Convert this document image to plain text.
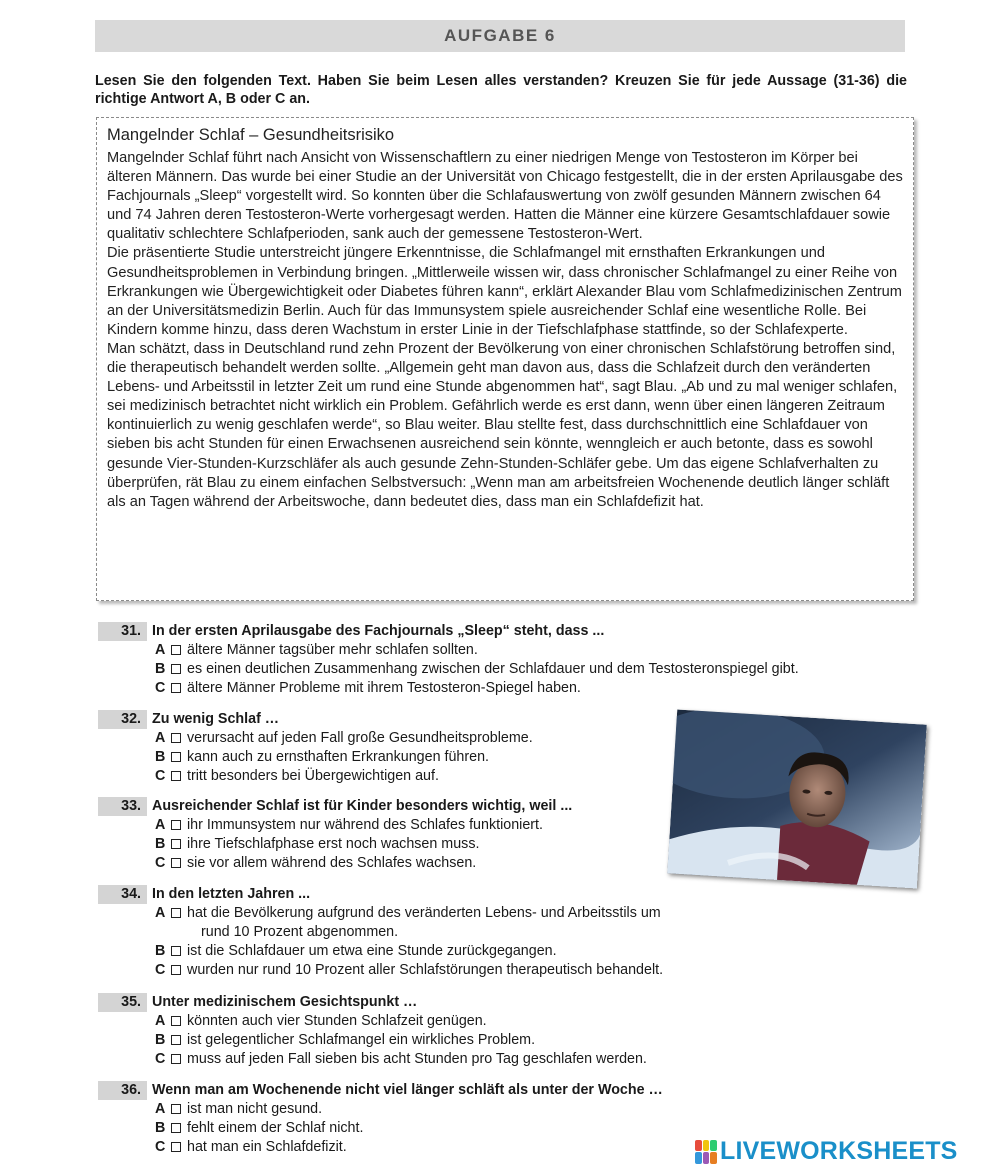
AUFGABE 6
Lesen Sie den folgenden Text. Haben Sie beim Lesen alles verstanden? Kreuzen Sie für jede Aussage (31-36) die richtige Antwort A, B oder C an.
Mangelnder Schlaf – Gesundheitsrisiko
Mangelnder Schlaf führt nach Ansicht von Wissenschaftlern zu einer niedrigen Menge von Testosteron im Körper bei älteren Männern. Das wurde bei einer Studie an der Universität von Chicago festgestellt, die in der ersten Aprilausgabe des Fachjournals „Sleep“ vorgestellt wird. So konnten über die Schlafauswertung von zwölf gesunden Männern zwischen 64 und 74 Jahren deren Testosteron-Werte vorhergesagt werden. Hatten die Männer eine kürzere Gesamtschlafdauer sowie qualitativ schlechtere Schlafperioden, sank auch der gemessene Testosteron-Wert.
Die präsentierte Studie unterstreicht jüngere Erkenntnisse, die Schlafmangel mit ernsthaften Erkrankungen und Gesundheitsproblemen in Verbindung bringen. „Mittlerweile wissen wir, dass chronischer Schlafmangel zu einer Reihe von Erkrankungen wie Übergewichtigkeit oder Diabetes führen kann“, erklärt Alexander Blau vom Schlafmedizinischen Zentrum an der Universitätsmedizin Berlin. Auch für das Immunsystem spiele ausreichender Schlaf eine wesentliche Rolle. Bei Kindern komme hinzu, dass deren Wachstum in erster Linie in der Tiefschlafphase stattfinde, so der Schlafexperte.
Man schätzt, dass in Deutschland rund zehn Prozent der Bevölkerung von einer chronischen Schlafstörung betroffen sind, die therapeutisch behandelt werden sollte. „Allgemein geht man davon aus, dass die Schlafzeit durch den veränderten Lebens- und Arbeitsstil in letzter Zeit um rund eine Stunde abgenommen hat“, sagt Blau. „Ab und zu mal weniger schlafen, sei medizinisch betrachtet nicht wirklich ein Problem. Gefährlich werde es erst dann, wenn über einen längeren Zeitraum kontinuierlich zu wenig geschlafen werde“, so Blau weiter. Blau stellte fest, dass durchschnittlich eine Schlafdauer von sieben bis acht Stunden für einen Erwachsenen ausreichend sein könnte, wenngleich er auch betonte, dass es sowohl gesunde Vier-Stunden-Kurzschläfer als auch gesunde Zehn-Stunden-Schläfer gebe. Um das eigene Schlafverhalten zu überprüfen, rät Blau zu einem einfachen Selbstversuch: „Wenn man am arbeitsfreien Wochenende deutlich länger schläft als an Tagen während der Arbeitswoche, dann bedeutet dies, dass man ein Schlafdefizit hat.
31. In der ersten Aprilausgabe des Fachjournals „Sleep“ steht, dass ...
A ältere Männer tagsüber mehr schlafen sollten.
B es einen deutlichen Zusammenhang zwischen der Schlafdauer und dem Testosteronspiegel gibt.
C ältere Männer Probleme mit ihrem Testosteron-Spiegel haben.
32. Zu wenig Schlaf …
A verursacht auf jeden Fall große Gesundheitsprobleme.
B kann auch zu ernsthaften Erkrankungen führen.
C tritt besonders bei Übergewichtigen auf.
33. Ausreichender Schlaf ist für Kinder besonders wichtig, weil ...
A ihr Immunsystem nur während des Schlafes funktioniert.
B ihre Tiefschlafphase erst noch wachsen muss.
C sie vor allem während des Schlafes wachsen.
34. In den letzten Jahren ...
A hat die Bevölkerung aufgrund des veränderten Lebens- und Arbeitsstils um
rund 10 Prozent abgenommen.
B ist die Schlafdauer um etwa eine Stunde zurückgegangen.
C wurden nur rund 10 Prozent aller Schlafstörungen therapeutisch behandelt.
35. Unter medizinischem Gesichtspunkt …
A könnten auch vier Stunden Schlafzeit genügen.
B ist gelegentlicher Schlafmangel ein wirkliches Problem.
C muss auf jeden Fall sieben bis acht Stunden pro Tag geschlafen werden.
36. Wenn man am Wochenende nicht viel länger schläft als unter der Woche …
A ist man nicht gesund.
B fehlt einem der Schlaf nicht.
C hat man ein Schlafdefizit.	LIVEWORKSHEETS
